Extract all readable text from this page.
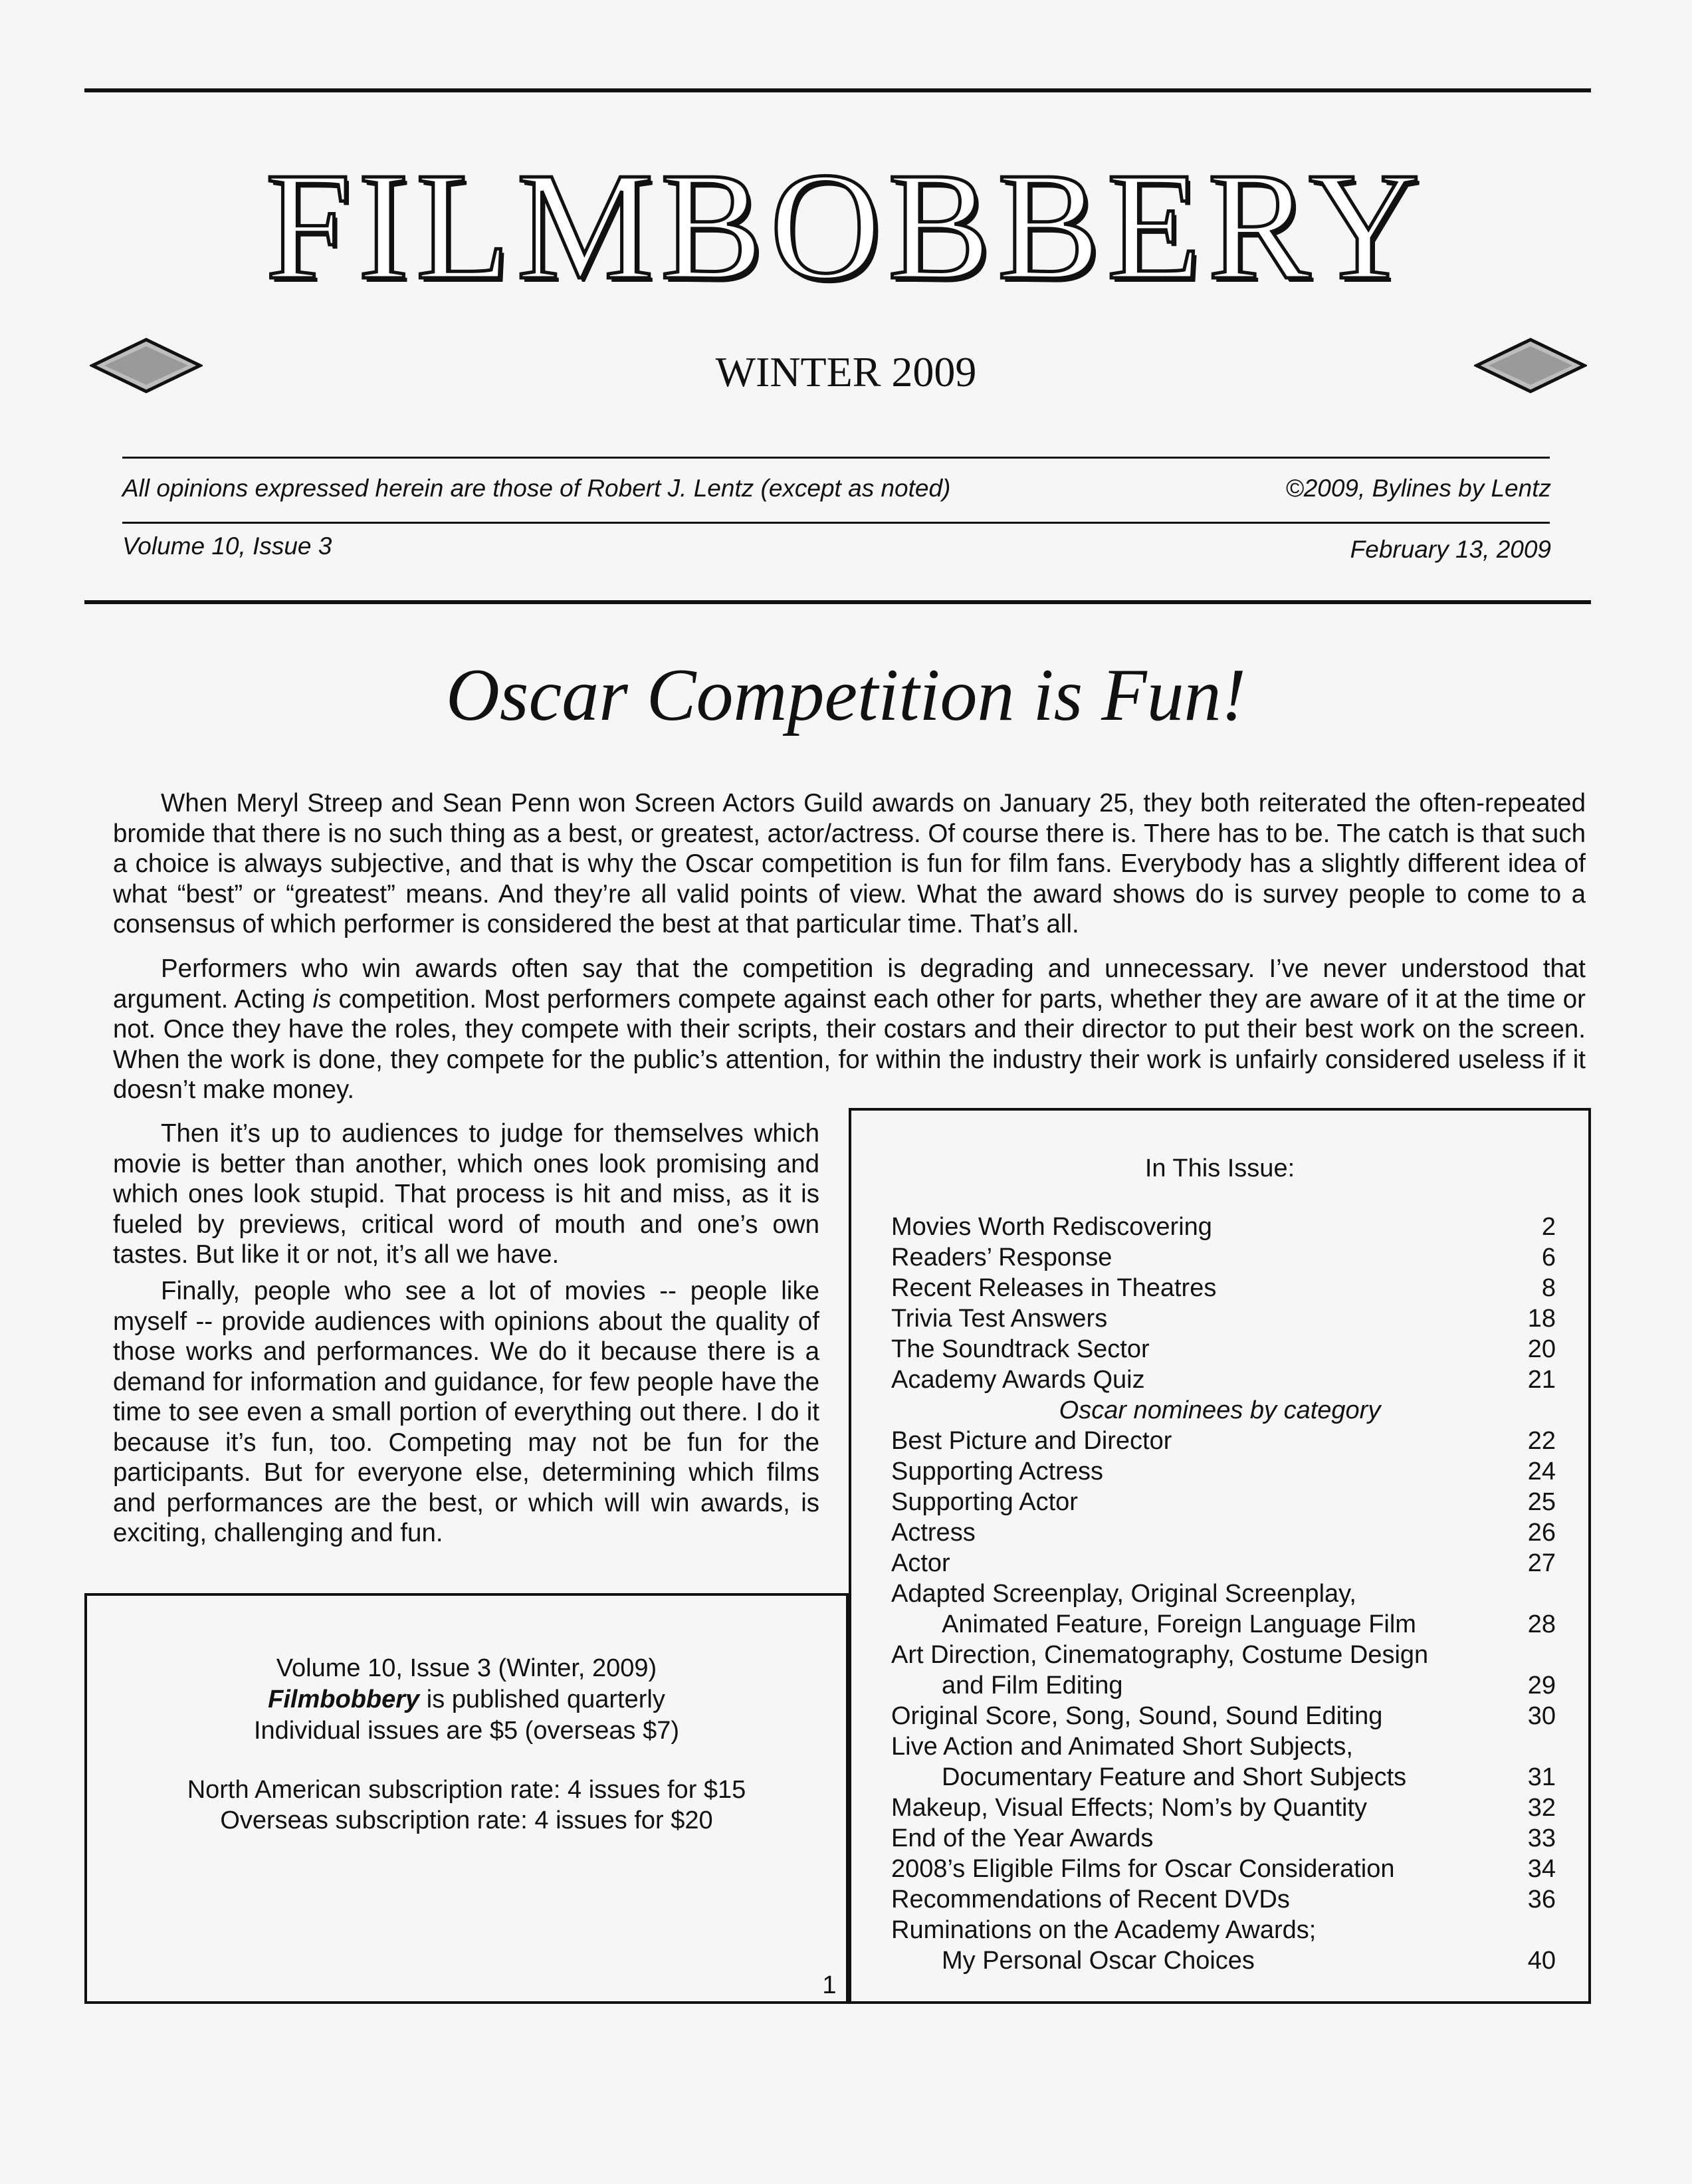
FILMBOBBERY
WINTER 2009
All opinions expressed herein are those of Robert J. Lentz (except as noted)	©2009, Bylines by Lentz
Volume 10, Issue 3	February 13, 2009
Oscar Competition is Fun!

When Meryl Streep and Sean Penn won Screen Actors Guild awards on January 25, they both reiterated the often-repeated bromide that there is no such thing as a best, or greatest, actor/actress. Of course there is. There has to be. The catch is that such a choice is always subjective, and that is why the Oscar competition is fun for film fans. Everybody has a slightly different idea of what “best” or “greatest” means. And they’re all valid points of view. What the award shows do is survey people to come to a consensus of which performer is considered the best at that particular time. That’s all.

Performers who win awards often say that the competition is degrading and unnecessary. I’ve never understood that argument. Acting is competition. Most performers compete against each other for parts, whether they are aware of it at the time or not. Once they have the roles, they compete with their scripts, their costars and their director to put their best work on the screen. When the work is done, they compete for the public’s attention, for within the industry their work is unfairly considered useless if it doesn’t make money.

Then it’s up to audiences to judge for themselves which movie is better than another, which ones look promising and which ones look stupid. That process is hit and miss, as it is fueled by previews, critical word of mouth and one’s own tastes. But like it or not, it’s all we have.

Finally, people who see a lot of movies -- people like myself -- provide audiences with opinions about the quality of those works and performances. We do it because there is a demand for information and guidance, for few people have the time to see even a small portion of everything out there. I do it because it’s fun, too. Competing may not be fun for the participants. But for everyone else, determining which films and performances are the best, or which will win awards, is exciting, challenging and fun.

Volume 10, Issue 3 (Winter, 2009)
Filmbobbery is published quarterly
Individual issues are $5 (overseas $7)
North American subscription rate: 4 issues for $15
Overseas subscription rate: 4 issues for $20
In This Issue:
Movies Worth Rediscovering	2
Readers’ Response	6
Recent Releases in Theatres	8
Trivia Test Answers	18
The Soundtrack Sector	20
Academy Awards Quiz	21
Oscar nominees by category
Best Picture and Director	22
Supporting Actress	24
Supporting Actor	25
Actress	26
Actor	27
Adapted Screenplay, Original Screenplay,
Animated Feature, Foreign Language Film	28
Art Direction, Cinematography, Costume Design
and Film Editing	29
Original Score, Song, Sound, Sound Editing	30
Live Action and Animated Short Subjects,
Documentary Feature and Short Subjects	31
Makeup, Visual Effects; Nom’s by Quantity	32
End of the Year Awards	33
2008’s Eligible Films for Oscar Consideration	34
Recommendations of Recent DVDs	36
Ruminations on the Academy Awards;
My Personal Oscar Choices	40
1
